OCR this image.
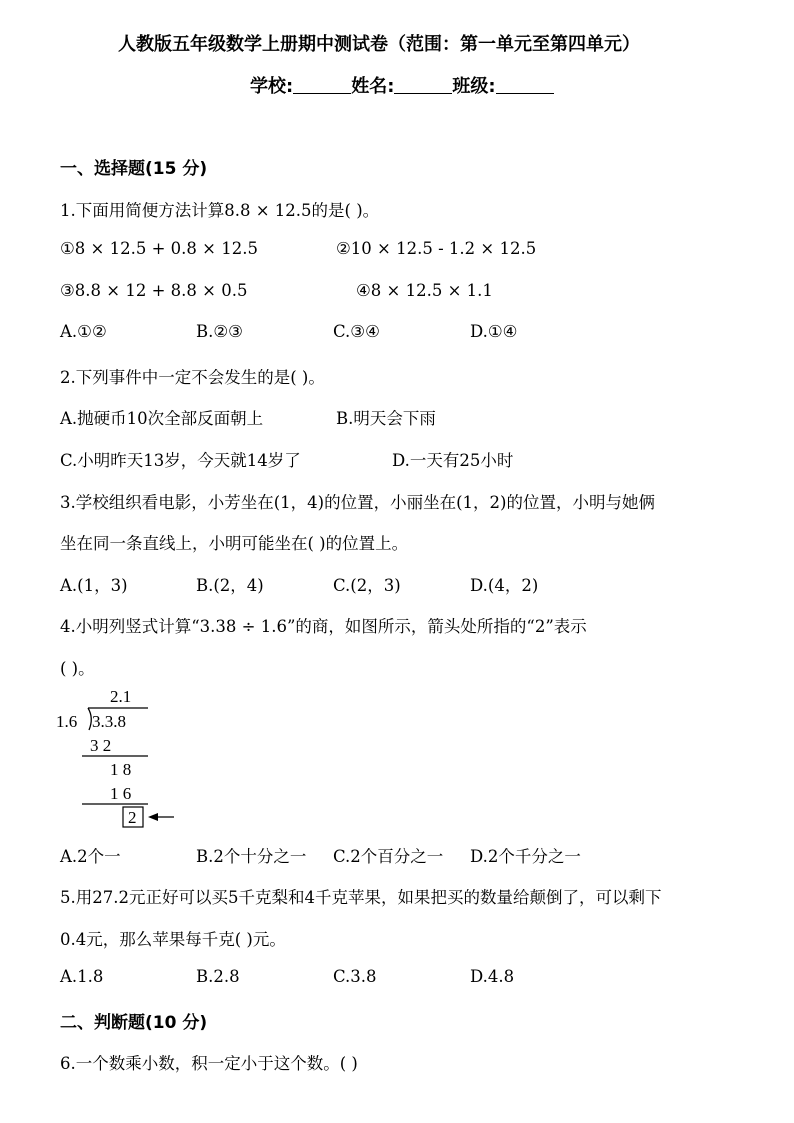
人教版五年级数学上册期中测试卷（范围：第一单元至第四单元）
学校:	姓名:	班级:
一、选择题(15 分)
1.下面用简便方法计算8.8 × 12.5的是( )。
①8 × 12.5 + 0.8 × 12.5	②10 × 12.5 - 1.2 × 12.5
③8.8 × 12 + 8.8 × 0.5	④8 × 12.5 × 1.1
A.①②	B.②③	C.③④	D.①④
2.下列事件中一定不会发生的是( )。
A.抛硬币10次全部反面朝上	B.明天会下雨
C.小明昨天13岁，今天就14岁了	D.一天有25小时
3.学校组织看电影，小芳坐在(1，4)的位置，小丽坐在(1，2)的位置，小明与她俩
坐在同一条直线上，小明可能坐在( )的位置上。
A.(1，3)	B.(2，4)	C.(2，3)	D.(4，2)
4.小明列竖式计算“3.38 ÷ 1.6”的商，如图所示，箭头处所指的“2”表示
( )。
2.1
1.6 3.3.8
3 2
1 8
1 6
2
A.2个一	B.2个十分之一 C.2个百分之一 D.2个千分之一
5.用27.2元正好可以买5千克梨和4千克苹果，如果把买的数量给颠倒了，可以剩下
0.4元，那么苹果每千克( )元。
A.1.8	B.2.8	C.3.8	D.4.8
二、判断题(10 分)
6.一个数乘小数，积一定小于这个数。( )
